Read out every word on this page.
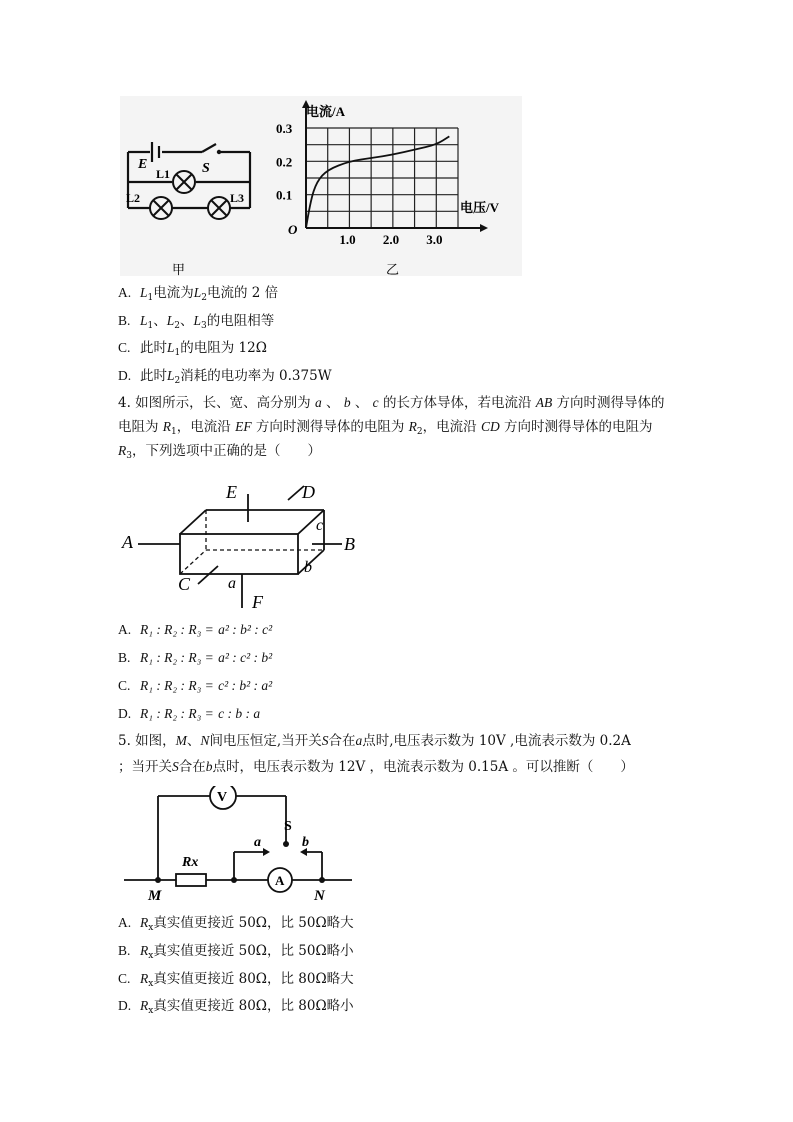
E	S
L1
L2	L3
甲
0.3
0.2
0.1
1.0 2.0 3.0
电流/A
电压/V
O
乙
A. $L_1$电流为$L_2$电流的 2 倍
B. $L_1$、$L_2$、$L_3$的电阻相等
C. 此时$L_1$的电阻为 12Ω
D. 此时$L_2$消耗的电功率为 0.375W
4. 如图所示，长、宽、高分别为 a 、 b 、 c 的长方体导体，若电流沿 AB 方向时测得导体的
电阻为 $R_1$，电流沿 EF 方向时测得导体的电阻为 $R_2$，电流沿 CD 方向时测得导体的电阻为
$R_3$，下列选项中正确的是（　　）
A	B
E	D
c
C a
b
F
A. R₁ : R₂ : R₃ = a² : b² : c²
B. R₁ : R₂ : R₃ = a² : c² : b²
C. R₁ : R₂ : R₃ = c² : b² : a²
D. R₁ : R₂ : R₃ = c : b : a
5. 如图，M、N间电压恒定,当开关S合在a点时,电压表示数为 10V ,电流表示数为 0.2A
；当开关S合在b点时，电压表示数为 12V ，电流表示数为 0.15A 。可以推断（　　）
V
S
a	b
Rx
A
M	N
A. $R_x$真实值更接近 50Ω，比 50Ω略大
B. $R_x$真实值更接近 50Ω，比 50Ω略小
C. $R_x$真实值更接近 80Ω，比 80Ω略大
D. $R_x$真实值更接近 80Ω，比 80Ω略小
